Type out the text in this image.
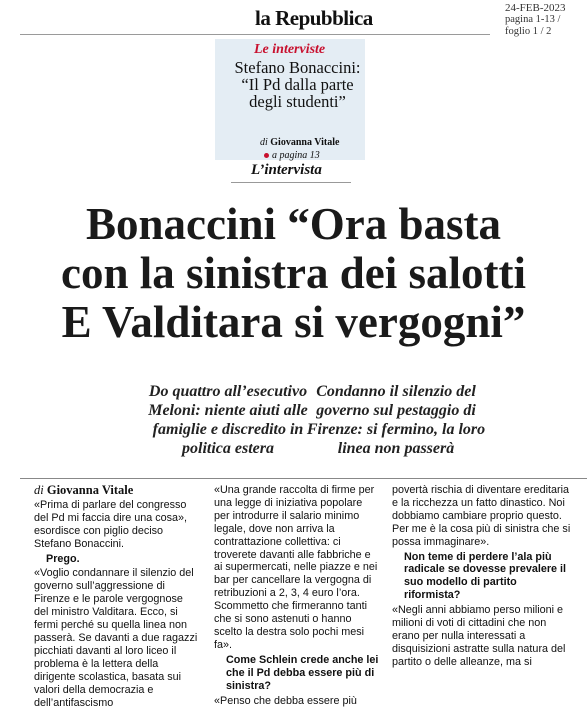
la Repubblica	24-FEB-2023
pagina 1-13 /
foglio 1 / 2
Le interviste
Stefano Bonaccini: “Il Pd dalla parte degli studenti”
di Giovanna Vitale
a pagina 13
L’intervista
Bonaccini “Ora basta
con la sinistra dei salotti
E Valditara si vergogni”
Do quattro all’esecutivo Meloni: niente aiuti alle famiglie e discredito in politica estera
Condanno il silenzio del governo sul pestaggio di Firenze: si fermino, la loro linea non passerà

di Giovanna Vitale

«Prima di parlare del congresso del Pd mi faccia dire una cosa», esordisce con piglio deciso Stefano Bonaccini.

Prego.

«Voglio condannare il silenzio del governo sull’aggressione di Firenze e le parole vergognose del ministro Valditara. Ecco, si fermi perché su quella linea non passerà. Se davanti a due ragazzi picchiati davanti al loro liceo il problema è la lettera della dirigente scolastica, basata sui valori della democrazia e dell’antifascismo

«Una grande raccolta di firme per una legge di iniziativa popolare per introdurre il salario minimo legale, dove non arriva la contrattazione collettiva: ci troverete davanti alle fabbriche e ai supermercati, nelle piazze e nei bar per cancellare la vergogna di retribuzioni a 2, 3, 4 euro l’ora. Scommetto che firmeranno tanti che si sono astenuti o hanno scelto la destra solo pochi mesi fa».

Come Schlein crede anche lei che il Pd debba essere più di sinistra?

«Penso che debba essere più

povertà rischia di diventare ereditaria e la ricchezza un fatto dinastico. Noi dobbiamo cambiare proprio questo. Per me è la cosa più di sinistra che si possa immaginare».

Non teme di perdere l’ala più radicale se dovesse prevalere il suo modello di partito riformista?

«Negli anni abbiamo perso milioni e milioni di voti di cittadini che non erano per nulla interessati a disquisizioni astratte sulla natura del partito o delle alleanze, ma si
